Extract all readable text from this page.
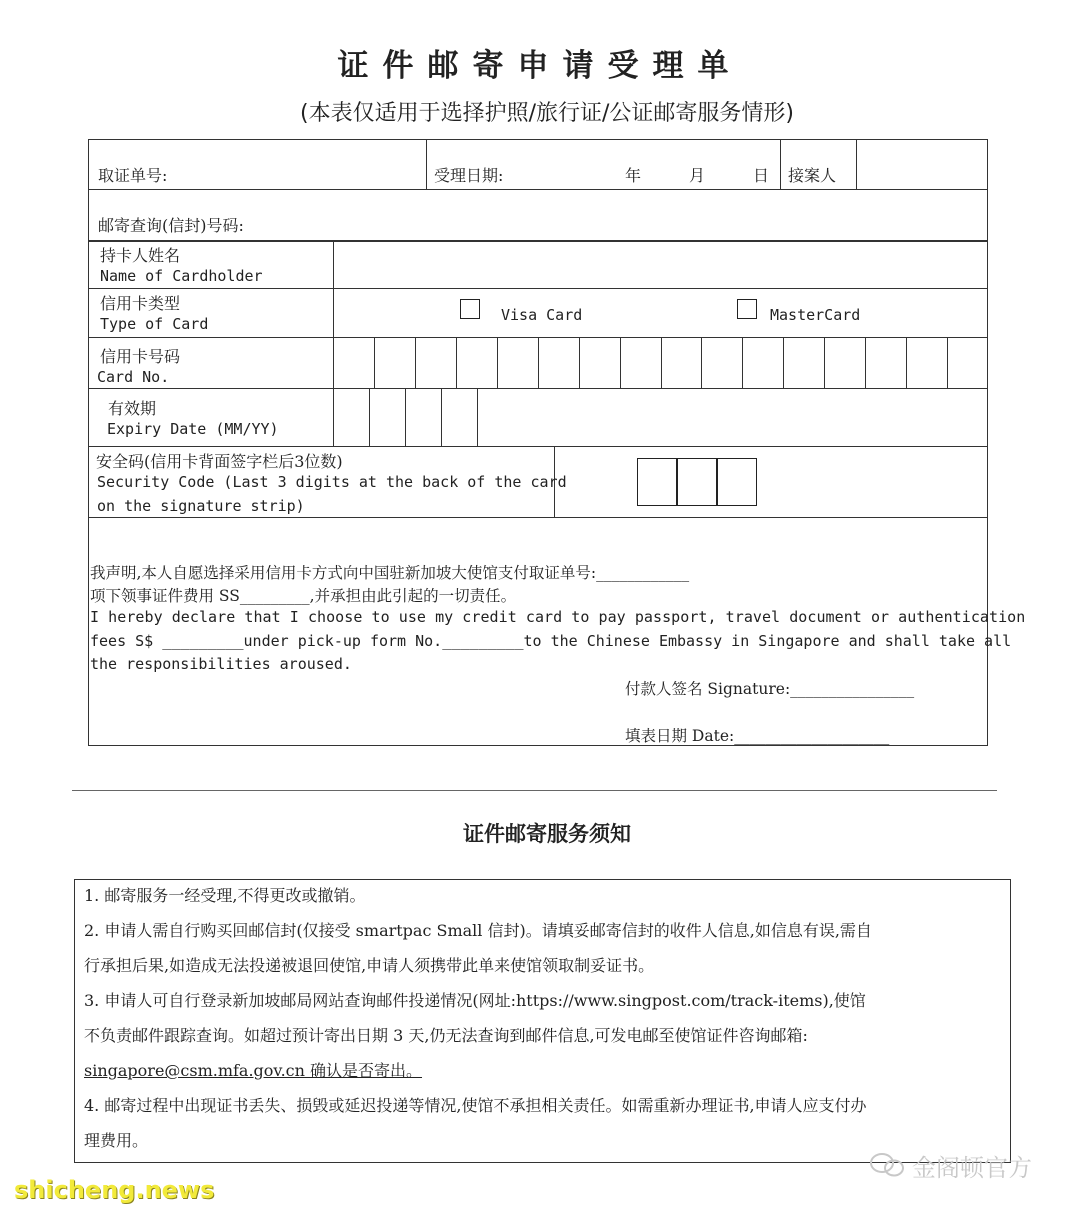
证件邮寄申请受理单
(本表仅适用于选择护照/旅行证/公证邮寄服务情形)
取证单号:	受理日期:	年	月	日 接案人
邮寄查询(信封)号码:
持卡人姓名
Name of Cardholder
信用卡类型
Type of Card	Visa Card	MasterCard
信用卡号码
Card No.
有效期
Expiry Date (MM/YY)
安全码(信用卡背面签字栏后3位数)
Security Code (Last 3 digits at the back of the card
on the signature strip)
我声明,本人自愿选择采用信用卡方式向中国驻新加坡大使馆支付取证单号:____________
项下领事证件费用 SS_________,并承担由此引起的一切责任。
I hereby declare that I choose to use my credit card to pay passport, travel document or authentication
fees S$ _________under pick-up form No._________to the Chinese Embassy in Singapore and shall take all
the responsibilities aroused.
付款人签名 Signature:________________
填表日期 Date:____________________
证件邮寄服务须知
1. 邮寄服务一经受理,不得更改或撤销。
2. 申请人需自行购买回邮信封(仅接受 smartpac Small 信封)。请填妥邮寄信封的收件人信息,如信息有误,需自
行承担后果,如造成无法投递被退回使馆,申请人须携带此单来使馆领取制妥证书。
3. 申请人可自行登录新加坡邮局网站查询邮件投递情况(网址:https://www.singpost.com/track-items),使馆
不负责邮件跟踪查询。如超过预计寄出日期 3 天,仍无法查询到邮件信息,可发电邮至使馆证件咨询邮箱:
singapore@csm.mfa.gov.cn 确认是否寄出。
4. 邮寄过程中出现证书丢失、损毁或延迟投递等情况,使馆不承担相关责任。如需重新办理证书,申请人应支付办
理费用。
金阁顿官方
shicheng.news
